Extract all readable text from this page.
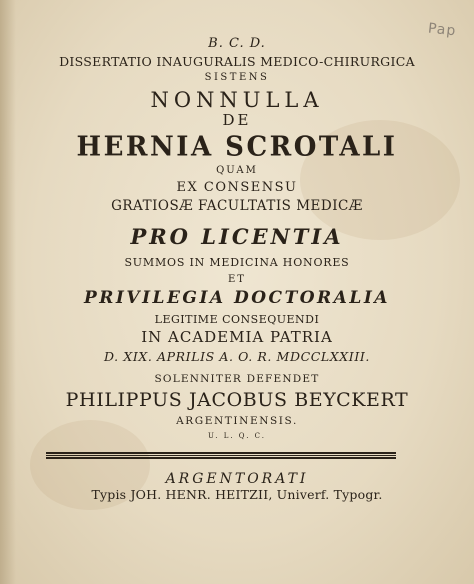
Pap
B. C. D.
DISSERTATIO INAUGURALIS MEDICO-CHIRURGICA
SISTENS
NONNULLA
DE
HERNIA SCROTALI
QUAM
EX CONSENSU
GRATIOSÆ FACULTATIS MEDICÆ
PRO LICENTIA
SUMMOS IN MEDICINA HONORES
ET
PRIVILEGIA DOCTORALIA
LEGITIME CONSEQUENDI
IN ACADEMIA PATRIA
D. XIX. APRILIS A. O. R. MDCCLXXIII.
SOLENNITER DEFENDET
PHILIPPUS JACOBUS BEYCKERT
ARGENTINENSIS.
U. L. Q. C.
ARGENTORATI
Typis JOH. HENR. HEITZII, Univerf. Typogr.
